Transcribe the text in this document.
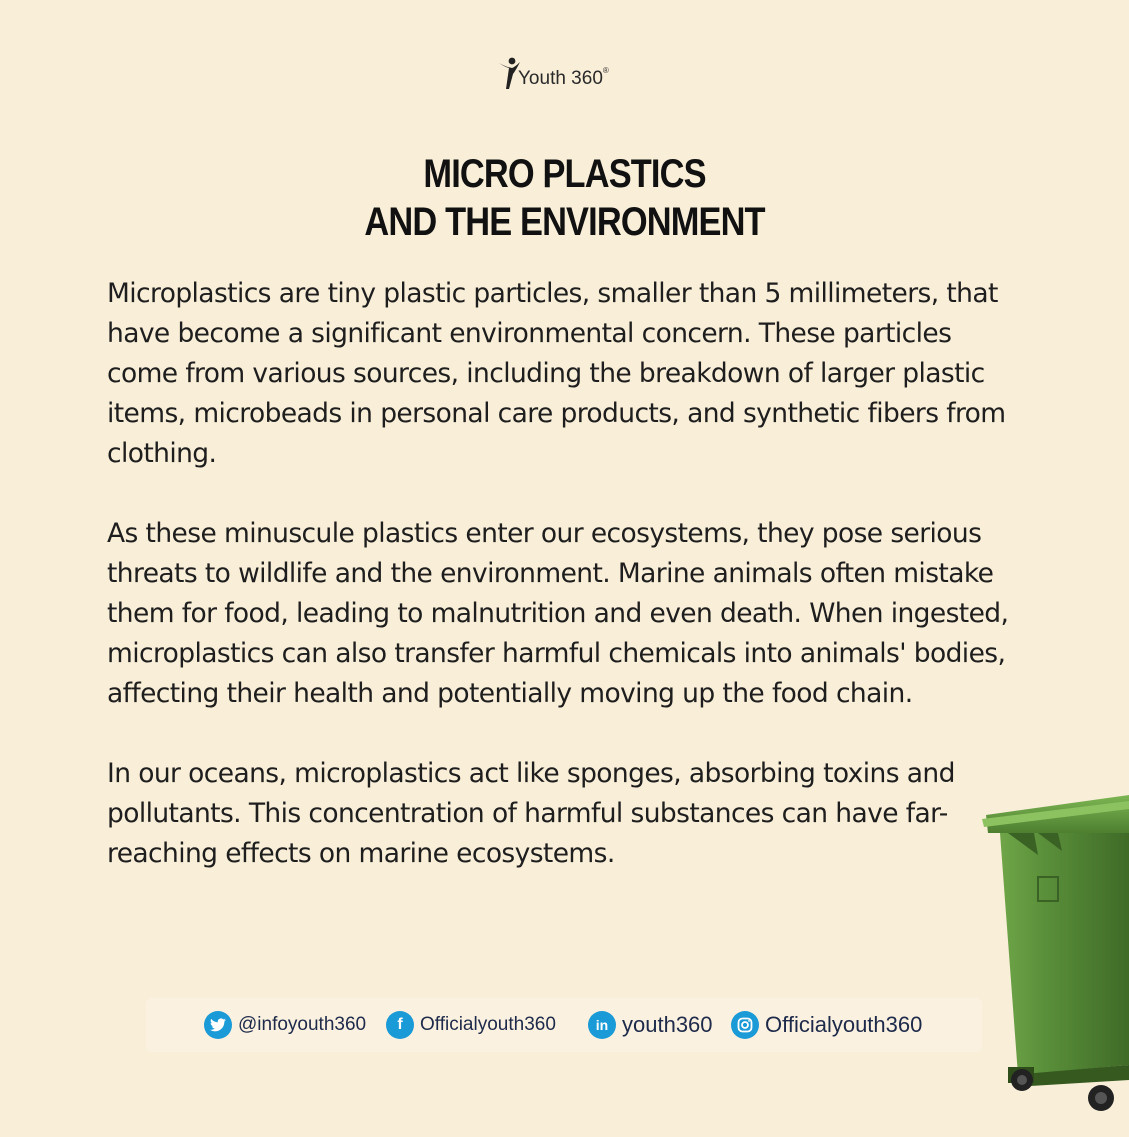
Youth 360®
MICRO PLASTICS
AND THE ENVIRONMENT

Microplastics are tiny plastic particles, smaller than 5 millimeters, that have become a significant environmental concern. These particles come from various sources, including the breakdown of larger plastic items, microbeads in personal care products, and synthetic fibers from clothing.

As these minuscule plastics enter our ecosystems, they pose serious threats to wildlife and the environment. Marine animals often mistake them for food, leading to malnutrition and even death. When ingested, microplastics can also transfer harmful chemicals into animals' bodies, affecting their health and potentially moving up the food chain.

In our oceans, microplastics act like sponges, absorbing toxins and pollutants. This concentration of harmful substances can have far-reaching effects on marine ecosystems.

@infoyouth360	f Officialyouth360	in youth360 Officialyouth360
